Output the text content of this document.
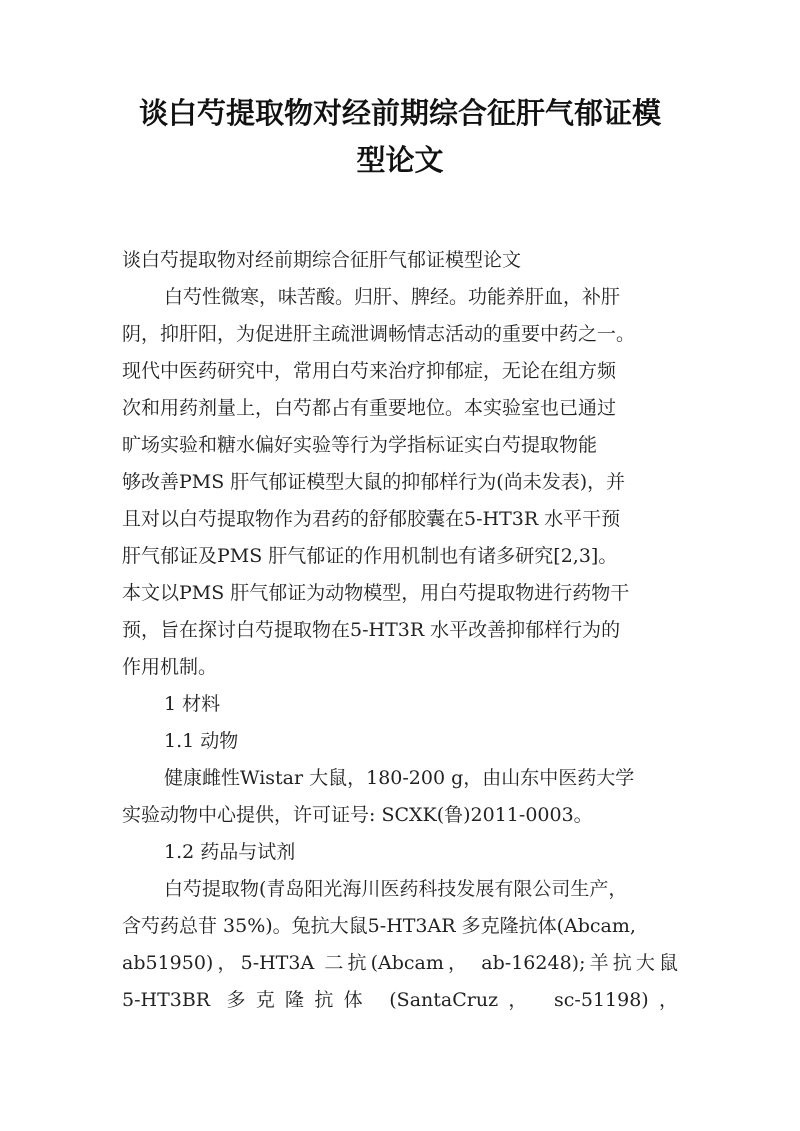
谈白芍提取物对经前期综合征肝气郁证模
型论文
谈白芍提取物对经前期综合征肝气郁证模型论文
白芍性微寒，味苦酸。归肝、脾经。功能养肝血，补肝
阴，抑肝阳，为促进肝主疏泄调畅情志活动的重要中药之一。
现代中医药研究中，常用白芍来治疗抑郁症，无论在组方频
次和用药剂量上，白芍都占有重要地位。本实验室也已通过
旷场实验和糖水偏好实验等行为学指标证实白芍提取物能
够改善PMS 肝气郁证模型大鼠的抑郁样行为(尚未发表)，并
且对以白芍提取物作为君药的舒郁胶囊在5-HT3R 水平干预
肝气郁证及PMS 肝气郁证的作用机制也有诸多研究[2,3]。
本文以PMS 肝气郁证为动物模型，用白芍提取物进行药物干
预，旨在探讨白芍提取物在5-HT3R 水平改善抑郁样行为的
作用机制。
1 材料
1.1 动物
健康雌性Wistar 大鼠，180-200 g，由山东中医药大学
实验动物中心提供，许可证号: SCXK(鲁)2011-0003。
1.2 药品与试剂
白芍提取物(青岛阳光海川医药科技发展有限公司生产，
含芍药总苷 35%)。兔抗大鼠5-HT3AR 多克隆抗体(Abcam,
ab51950)，5-HT3A 二抗(Abcam， ab-16248);羊抗大鼠
5-HT3BR 多克隆抗体 (SantaCruz， sc-51198)，
